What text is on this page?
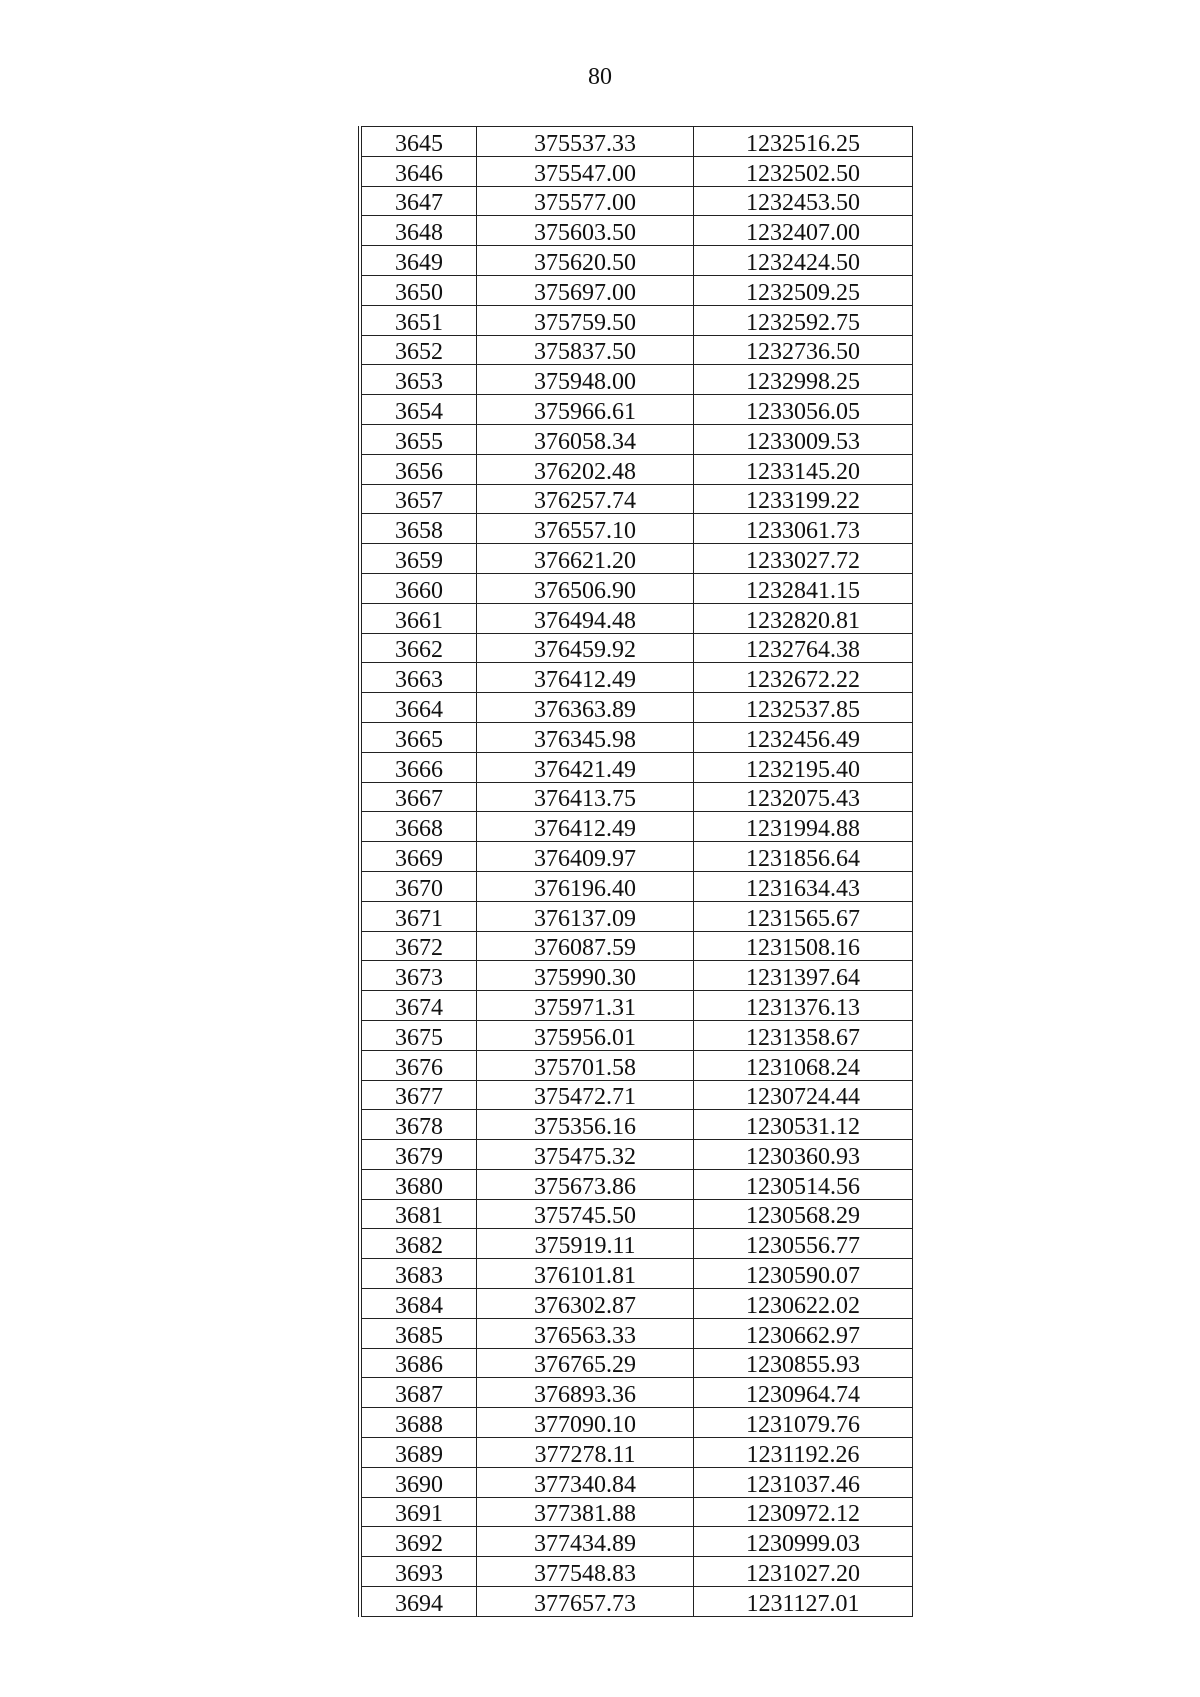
80
3645	375537.33	1232516.25
3646	375547.00	1232502.50
3647	375577.00	1232453.50
3648	375603.50	1232407.00
3649	375620.50	1232424.50
3650	375697.00	1232509.25
3651	375759.50	1232592.75
3652	375837.50	1232736.50
3653	375948.00	1232998.25
3654	375966.61	1233056.05
3655	376058.34	1233009.53
3656	376202.48	1233145.20
3657	376257.74	1233199.22
3658	376557.10	1233061.73
3659	376621.20	1233027.72
3660	376506.90	1232841.15
3661	376494.48	1232820.81
3662	376459.92	1232764.38
3663	376412.49	1232672.22
3664	376363.89	1232537.85
3665	376345.98	1232456.49
3666	376421.49	1232195.40
3667	376413.75	1232075.43
3668	376412.49	1231994.88
3669	376409.97	1231856.64
3670	376196.40	1231634.43
3671	376137.09	1231565.67
3672	376087.59	1231508.16
3673	375990.30	1231397.64
3674	375971.31	1231376.13
3675	375956.01	1231358.67
3676	375701.58	1231068.24
3677	375472.71	1230724.44
3678	375356.16	1230531.12
3679	375475.32	1230360.93
3680	375673.86	1230514.56
3681	375745.50	1230568.29
3682	375919.11	1230556.77
3683	376101.81	1230590.07
3684	376302.87	1230622.02
3685	376563.33	1230662.97
3686	376765.29	1230855.93
3687	376893.36	1230964.74
3688	377090.10	1231079.76
3689	377278.11	1231192.26
3690	377340.84	1231037.46
3691	377381.88	1230972.12
3692	377434.89	1230999.03
3693	377548.83	1231027.20
3694	377657.73	1231127.01
